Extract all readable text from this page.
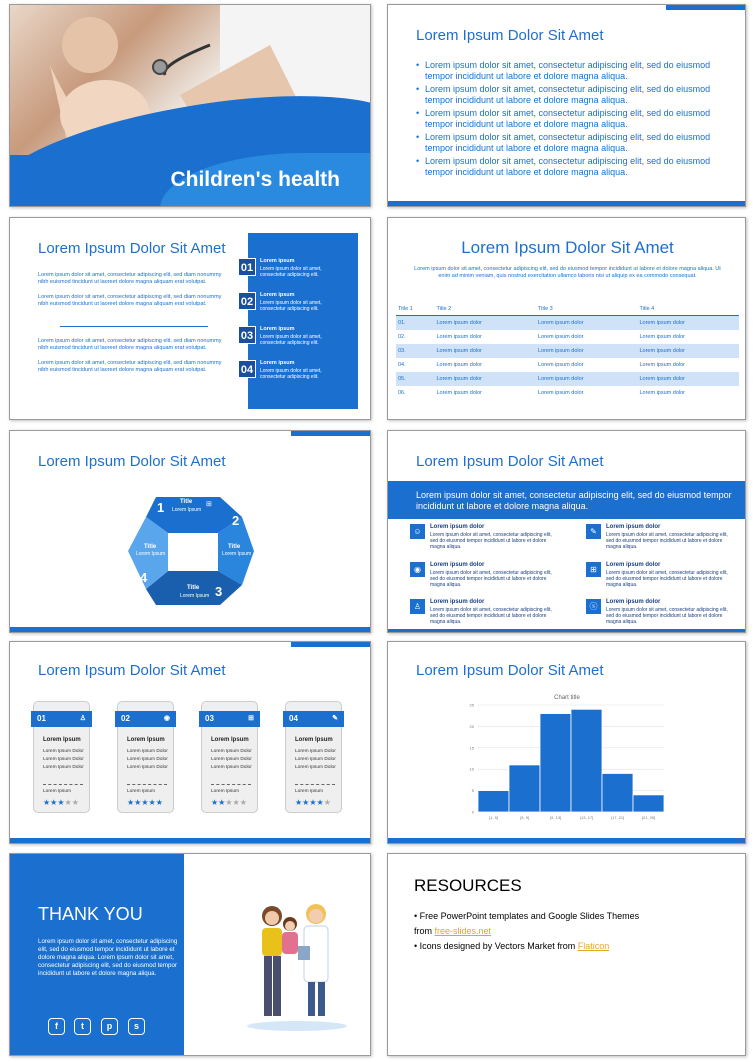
Children's health
Lorem Ipsum Dolor Sit Amet
• Lorem ipsum dolor sit amet, consectetur adipiscing elit, sed do eiusmod tempor incididunt ut labore et dolore magna aliqua.
• Lorem ipsum dolor sit amet, consectetur adipiscing elit, sed do eiusmod tempor incididunt ut labore et dolore magna aliqua.
• Lorem ipsum dolor sit amet, consectetur adipiscing elit, sed do eiusmod tempor incididunt ut labore et dolore magna aliqua.
• Lorem ipsum dolor sit amet, consectetur adipiscing elit, sed do eiusmod tempor incididunt ut labore et dolore magna aliqua.
• Lorem ipsum dolor sit amet, consectetur adipiscing elit, sed do eiusmod tempor incididunt ut labore et dolore magna aliqua.
Lorem Ipsum Dolor Sit Amet
Lorem ipsum dolor sit amet, consectetur adipiscing elit, sed diam nonummy nibh euismod tincidunt ut laoreet dolore magna aliquam erat volutpat.
Lorem ipsum dolor sit amet, consectetur adipiscing elit, sed diam nonummy nibh euismod tincidunt ut laoreet dolore magna aliquam erat volutpat.
Lorem ipsum dolor sit amet, consectetur adipiscing elit, sed diam nonummy nibh euismod tincidunt ut laoreet dolore magna aliquam erat volutpat.
Lorem ipsum dolor sit amet, consectetur adipiscing elit, sed diam nonummy nibh euismod tincidunt ut laoreet dolore magna aliquam erat volutpat.
01
Lorem ipsum
Lorem ipsum dolor sit amet, consectetur adipiscing elit.
02
Lorem ipsum
Lorem ipsum dolor sit amet, consectetur adipiscing elit.
03
Lorem ipsum
Lorem ipsum dolor sit amet, consectetur adipiscing elit.
04
Lorem ipsum
Lorem ipsum dolor sit amet, consectetur adipiscing elit.
Lorem Ipsum Dolor Sit Amet
Lorem ipsum dolor sit amet, consectetur adipiscing elit, sed do eiusmod tempor incididunt ut labore et dolore magna aliqua. Ut enim ad minim veniam, quis nostrud exercitation ullamco laboris nisi ut aliquip ex ea commodo consequat.
Title 1	Title 2	Title 3	Title 4
01.	Lorem ipsum dolor	Lorem ipsum dolor	Lorem ipsum dolor
02.	Lorem ipsum dolor	Lorem ipsum dolor	Lorem ipsum dolor
03.	Lorem ipsum dolor	Lorem ipsum dolor	Lorem ipsum dolor
04.	Lorem ipsum dolor	Lorem ipsum dolor	Lorem ipsum dolor
05.	Lorem ipsum dolor	Lorem ipsum dolor	Lorem ipsum dolor
06.	Lorem ipsum dolor	Lorem ipsum dolor	Lorem ipsum dolor
Lorem Ipsum Dolor Sit Amet
1	Title
Lorem Ipsum
⊞
2
Title
Lorem Ipsum
3
Title
Lorem Ipsum
4
Title
Lorem Ipsum
Lorem Ipsum Dolor Sit Amet
Lorem ipsum dolor sit amet, consectetur adipiscing elit, sed do eiusmod tempor incididunt ut labore et dolore magna aliqua.
☺	Lorem ipsum dolor
Lorem ipsum dolor sit amet, consectetur adipiscing elit, sed do eiusmod tempor incididunt ut labore et dolore magna aliqua.
✎	Lorem ipsum dolor
Lorem ipsum dolor sit amet, consectetur adipiscing elit, sed do eiusmod tempor incididunt ut labore et dolore magna aliqua.
◉	Lorem ipsum dolor
Lorem ipsum dolor sit amet, consectetur adipiscing elit, sed do eiusmod tempor incididunt ut labore et dolore magna aliqua.
⊞	Lorem ipsum dolor
Lorem ipsum dolor sit amet, consectetur adipiscing elit, sed do eiusmod tempor incididunt ut labore et dolore magna aliqua.
♙	Lorem ipsum dolor
Lorem ipsum dolor sit amet, consectetur adipiscing elit, sed do eiusmod tempor incididunt ut labore et dolore magna aliqua.
ⓢ	Lorem ipsum dolor
Lorem ipsum dolor sit amet, consectetur adipiscing elit, sed do eiusmod tempor incididunt ut labore et dolore magna aliqua.
Lorem Ipsum Dolor Sit Amet
01	♙
Lorem Ipsum
Lorem Ipsum Dolor
Lorem Ipsum Dolor
Lorem Ipsum Dolor
Lorem Ipsum
★★★★★
02	◉
Lorem Ipsum
Lorem Ipsum Dolor
Lorem Ipsum Dolor
Lorem Ipsum Dolor
Lorem Ipsum
★★★★★
03	⊞
Lorem Ipsum
Lorem Ipsum Dolor
Lorem Ipsum Dolor
Lorem Ipsum Dolor
Lorem Ipsum
★★★★★
04	✎
Lorem Ipsum
Lorem Ipsum Dolor
Lorem Ipsum Dolor
Lorem Ipsum Dolor
Lorem Ipsum
★★★★★
Lorem Ipsum Dolor Sit Amet
Chart title
0
5
10
15
20
25
[1, 5]	(5, 9]	(9, 13]	(13, 17]	(17, 21]	(21, 25]
THANK YOU
Lorem ipsum dolor sit amet, consectetur adipiscing elit, sed do eiusmod tempor incididunt ut labore et dolore magna aliqua. Lorem ipsum dolor sit amet, consectetur adipiscing elit, sed do eiusmod tempor incididunt ut labore et dolore magna aliqua.
f	t	p	s
RESOURCES
• Free PowerPoint templates and Google Slides Themes
from free-slides.net
• Icons designed by Vectors Market from Flaticon
